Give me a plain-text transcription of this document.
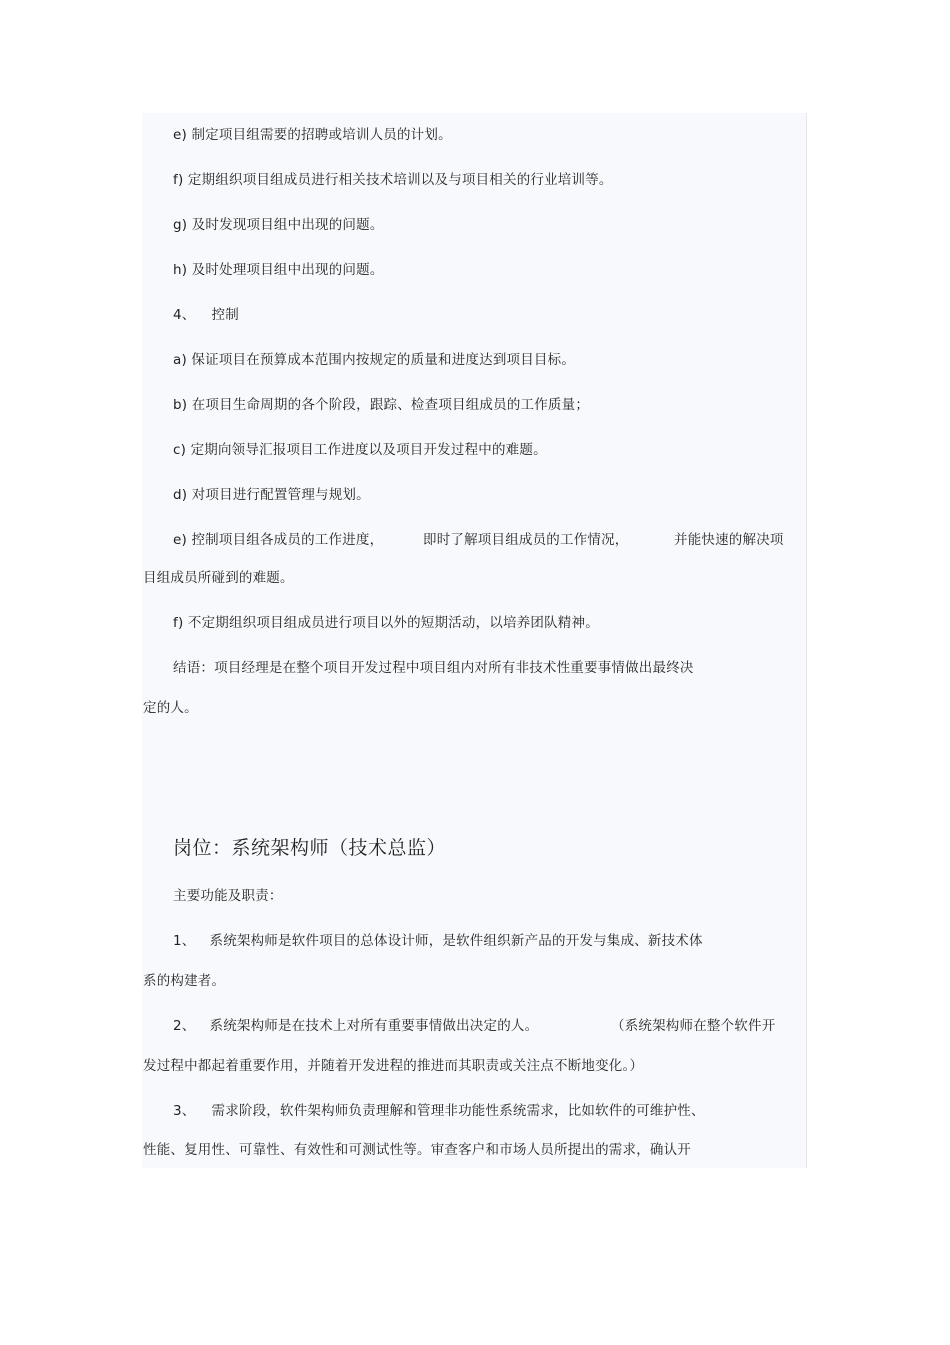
e) 制定项目组需要的招聘或培训人员的计划。
f) 定期组织项目组成员进行相关技术培训以及与项目相关的行业培训等。
g) 及时发现项目组中出现的问题。
h) 及时处理项目组中出现的问题。
4、 控制
a) 保证项目在预算成本范围内按规定的质量和进度达到项目目标。
b) 在项目生命周期的各个阶段，跟踪、检查项目组成员的工作质量；
c) 定期向领导汇报项目工作进度以及项目开发过程中的难题。
d) 对项目进行配置管理与规划。
e) 控制项目组各成员的工作进度，	即时了解项目组成员的工作情况，	并能快速的解决项
目组成员所碰到的难题。
f) 不定期组织项目组成员进行项目以外的短期活动，以培养团队精神。
结语：项目经理是在整个项目开发过程中项目组内对所有非技术性重要事情做出最终决
定的人。
岗位：系统架构师（技术总监）
主要功能及职责：
1、 系统架构师是软件项目的总体设计师，是软件组织新产品的开发与集成、新技术体
系的构建者。
2、 系统架构师是在技术上对所有重要事情做出决定的人。	（系统架构师在整个软件开
发过程中都起着重要作用，并随着开发进程的推进而其职责或关注点不断地变化。）
3、 需求阶段，软件架构师负责理解和管理非功能性系统需求，比如软件的可维护性、
性能、复用性、可靠性、有效性和可测试性等。审查客户和市场人员所提出的需求，确认开
